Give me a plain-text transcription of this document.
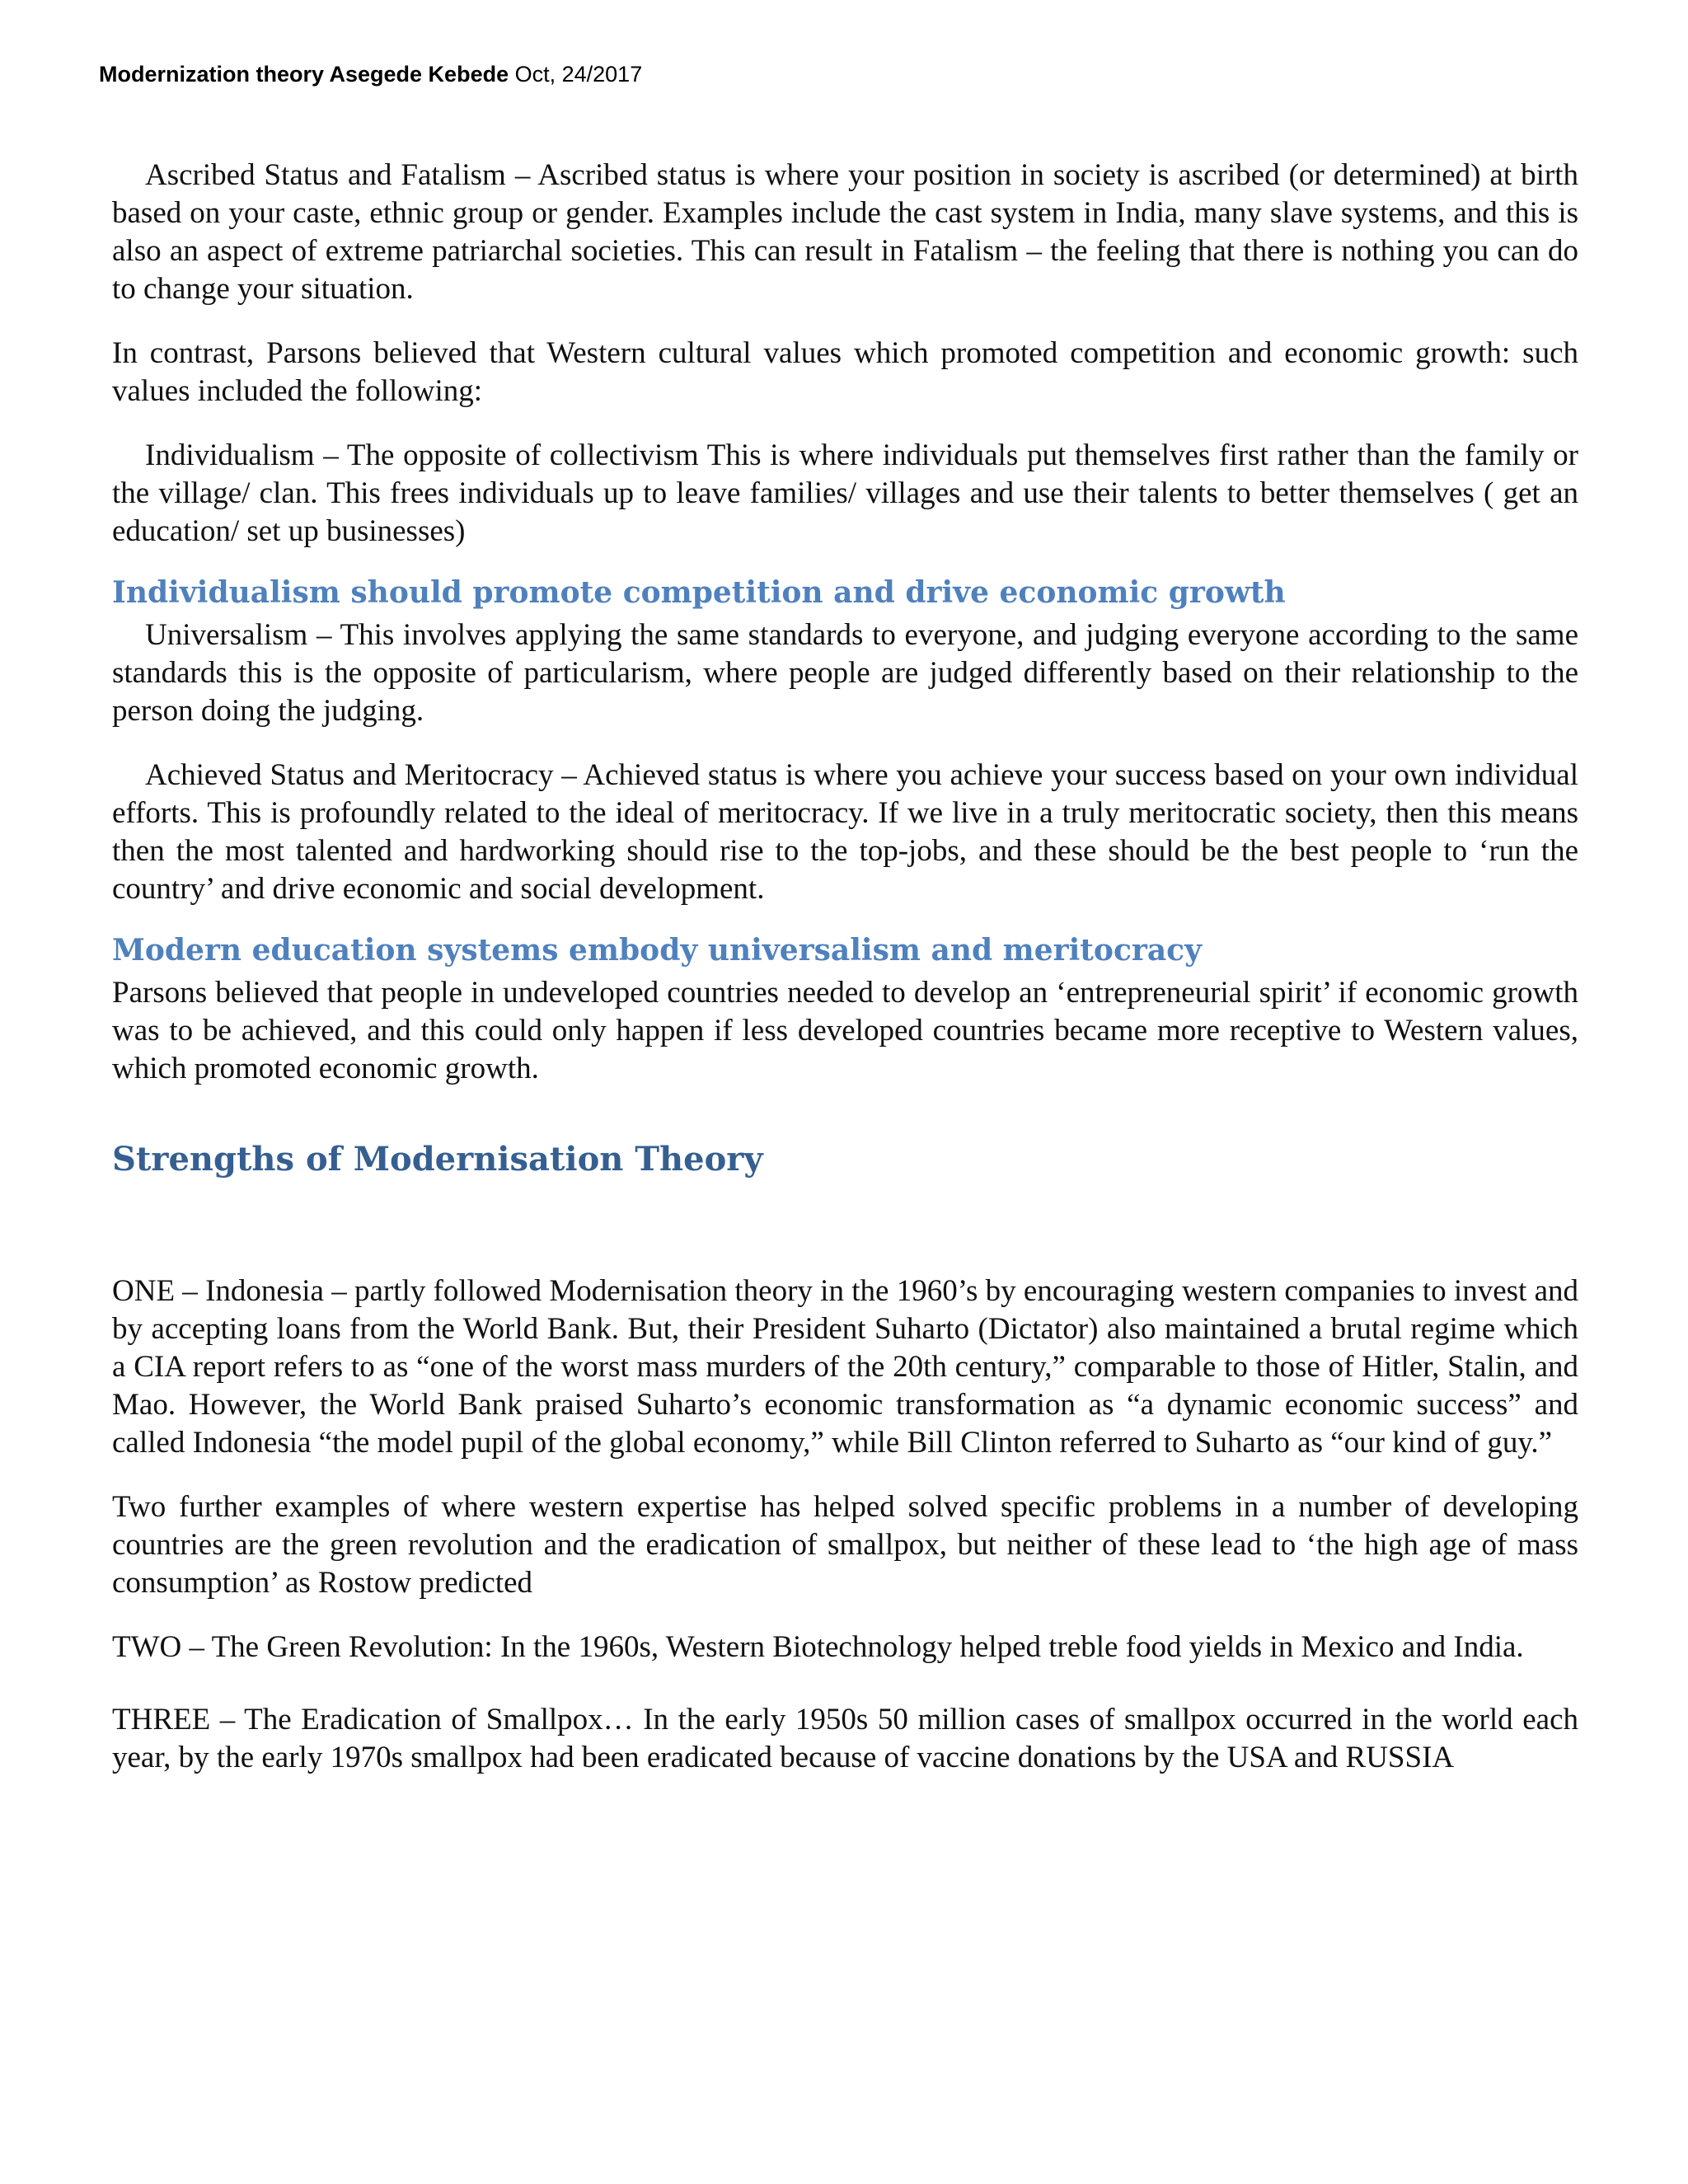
Modernization theory Asegede Kebede Oct, 24/2017

Ascribed Status and Fatalism – Ascribed status is where your position in society is ascribed (or determined) at birth based on your caste, ethnic group or gender. Examples include the cast system in India, many slave systems, and this is also an aspect of extreme patriarchal societies. This can result in Fatalism – the feeling that there is nothing you can do to change your situation.

In contrast, Parsons believed that Western cultural values which promoted competition and economic growth: such values included the following:

Individualism – The opposite of collectivism This is where individuals put themselves first rather than the family or the village/ clan. This frees individuals up to leave families/ villages and use their talents to better themselves ( get an education/ set up businesses)

Individualism should promote competition and drive economic growth

Universalism – This involves applying the same standards to everyone, and judging everyone according to the same standards this is the opposite of particularism, where people are judged differently based on their relationship to the person doing the judging.

Achieved Status and Meritocracy – Achieved status is where you achieve your success based on your own individual efforts. This is profoundly related to the ideal of meritocracy. If we live in a truly meritocratic society, then this means then the most talented and hardworking should rise to the top-jobs, and these should be the best people to ‘run the country’ and drive economic and social development.

Modern education systems embody universalism and meritocracy

Parsons believed that people in undeveloped countries needed to develop an ‘entrepreneurial spirit’ if economic growth was to be achieved, and this could only happen if less developed countries became more receptive to Western values, which promoted economic growth.

Strengths of Modernisation Theory

ONE – Indonesia – partly followed Modernisation theory in the 1960’s by encouraging western companies to invest and by accepting loans from the World Bank. But, their President Suharto (Dictator) also maintained a brutal regime which a CIA report refers to as “one of the worst mass murders of the 20th century,” comparable to those of Hitler, Stalin, and Mao. However, the World Bank praised Suharto’s economic transformation as “a dynamic economic success” and called Indonesia “the model pupil of the global economy,” while Bill Clinton referred to Suharto as “our kind of guy.”

Two further examples of where western expertise has helped solved specific problems in a number of developing countries are the green revolution and the eradication of smallpox, but neither of these lead to ‘the high age of mass consumption’ as Rostow predicted

TWO – The Green Revolution: In the 1960s, Western Biotechnology helped treble food yields in Mexico and India.

THREE – The Eradication of Smallpox… In the early 1950s 50 million cases of smallpox occurred in the world each year, by the early 1970s smallpox had been eradicated because of vaccine donations by the USA and RUSSIA
